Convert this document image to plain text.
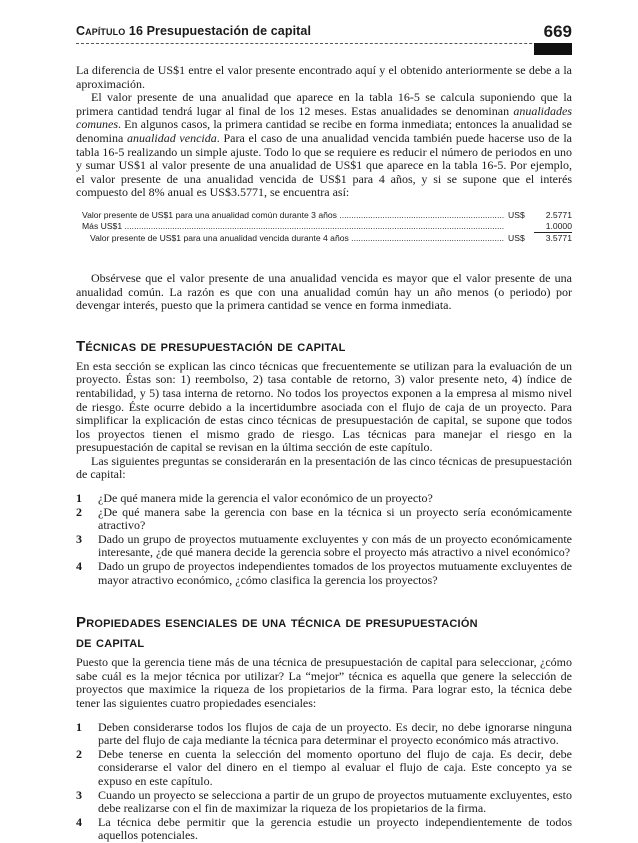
Capítulo 16 Presupuestación de capital	669

La diferencia de US$1 entre el valor presente encontrado aquí y el obtenido anteriormente se debe a la aproximación.

El valor presente de una anualidad que aparece en la tabla 16-5 se calcula suponiendo que la primera cantidad tendrá lugar al final de los 12 meses. Estas anualidades se denominan anualidades comunes. En algunos casos, la primera cantidad se recibe en forma inmediata; entonces la anualidad se denomina anualidad vencida. Para el caso de una anualidad vencida también puede hacerse uso de la tabla 16-5 realizando un simple ajuste. Todo lo que se requiere es reducir el número de periodos en uno y sumar US$1 al valor presente de una anualidad de US$1 que aparece en la tabla 16-5. Por ejemplo, el valor presente de una anualidad vencida de US$1 para 4 años, y si se supone que el interés compuesto del 8% anual es US$3.5771, se encuentra así:

Valor presente de US$1 para una anualidad común durante 3 años .....	US$	2.5771
Más US$1 .....	1.0000
Valor presente de US$1 para una anualidad vencida durante 4 años .....	US$	3.5771

Obsérvese que el valor presente de una anualidad vencida es mayor que el valor presente de una anualidad común. La razón es que con una anualidad común hay un año menos (o periodo) por devengar interés, puesto que la primera cantidad se vence en forma inmediata.

Técnicas de presupuestación de capital

En esta sección se explican las cinco técnicas que frecuentemente se utilizan para la evaluación de un proyecto. Éstas son: 1) reembolso, 2) tasa contable de retorno, 3) valor presente neto, 4) índice de rentabilidad, y 5) tasa interna de retorno. No todos los proyectos exponen a la empresa al mismo nivel de riesgo. Éste ocurre debido a la incertidumbre asociada con el flujo de caja de un proyecto. Para simplificar la explicación de estas cinco técnicas de presupuestación de capital, se supone que todos los proyectos tienen el mismo grado de riesgo. Las técnicas para manejar el riesgo en la presupuestación de capital se revisan en la última sección de este capítulo.

Las siguientes preguntas se considerarán en la presentación de las cinco técnicas de presupuestación de capital:

1	¿De qué manera mide la gerencia el valor económico de un proyecto?
2	¿De qué manera sabe la gerencia con base en la técnica si un proyecto sería económicamente atractivo?
3	Dado un grupo de proyectos mutuamente excluyentes y con más de un proyecto económicamente interesante, ¿de qué manera decide la gerencia sobre el proyecto más atractivo a nivel económico?
4	Dado un grupo de proyectos independientes tomados de los proyectos mutuamente excluyentes de mayor atractivo económico, ¿cómo clasifica la gerencia los proyectos?
Propiedades esenciales de una técnica de presupuestación
de capital

Puesto que la gerencia tiene más de una técnica de presupuestación de capital para seleccionar, ¿cómo sabe cuál es la mejor técnica por utilizar? La “mejor” técnica es aquella que genere la selección de proyectos que maximice la riqueza de los propietarios de la firma. Para lograr esto, la técnica debe tener las siguientes cuatro propiedades esenciales:

1	Deben considerarse todos los flujos de caja de un proyecto. Es decir, no debe ignorarse ninguna parte del flujo de caja mediante la técnica para determinar el proyecto económico más atractivo.
2	Debe tenerse en cuenta la selección del momento oportuno del flujo de caja. Es decir, debe considerarse el valor del dinero en el tiempo al evaluar el flujo de caja. Este concepto ya se expuso en este capítulo.
3	Cuando un proyecto se selecciona a partir de un grupo de proyectos mutuamente excluyentes, esto debe realizarse con el fin de maximizar la riqueza de los propietarios de la firma.
4	La técnica debe permitir que la gerencia estudie un proyecto independientemente de todos aquellos potenciales.
